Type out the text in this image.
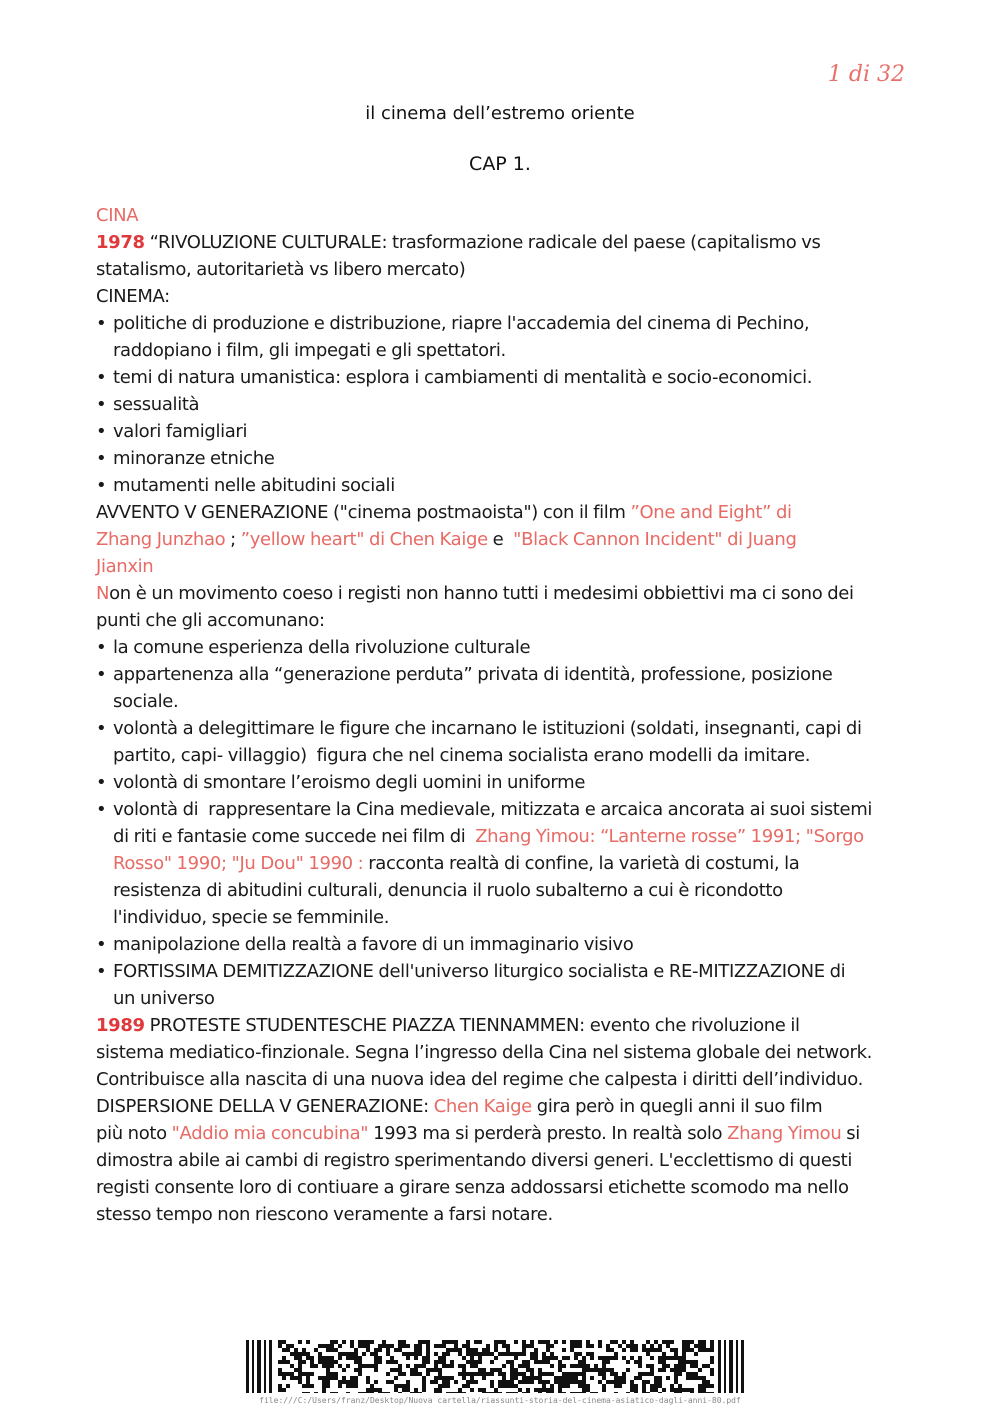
1 di 32
il cinema dell’estremo oriente
CAP 1.
CINA
1978 “RIVOLUZIONE CULTURALE: trasformazione radicale del paese (capitalismo vs
statalismo, autoritarietà vs libero mercato)
CINEMA:
• politiche di produzione e distribuzione, riapre l'accademia del cinema di Pechino,
raddopiano i film, gli impegati e gli spettatori.
• temi di natura umanistica: esplora i cambiamenti di mentalità e socio-economici.
• sessualità
• valori famigliari
• minoranze etniche
• mutamenti nelle abitudini sociali
AVVENTO V GENERAZIONE ("cinema postmaoista") con il film ”One and Eight” di
Zhang Junzhao ; ”yellow heart" di Chen Kaige e  "Black Cannon Incident" di Juang
Jianxin
Non è un movimento coeso i registi non hanno tutti i medesimi obbiettivi ma ci sono dei
punti che gli accomunano:
• la comune esperienza della rivoluzione culturale
• appartenenza alla “generazione perduta” privata di identità, professione, posizione
sociale.
• volontà a delegittimare le figure che incarnano le istituzioni (soldati, insegnanti, capi di
partito, capi- villaggio)  figura che nel cinema socialista erano modelli da imitare.
• volontà di smontare l’eroismo degli uomini in uniforme
• volontà di  rappresentare la Cina medievale, mitizzata e arcaica ancorata ai suoi sistemi
di riti e fantasie come succede nei film di  Zhang Yimou: “Lanterne rosse” 1991; "Sorgo
Rosso" 1990; "Ju Dou" 1990 : racconta realtà di confine, la varietà di costumi, la
resistenza di abitudini culturali, denuncia il ruolo subalterno a cui è ricondotto
l'individuo, specie se femminile.
• manipolazione della realtà a favore di un immaginario visivo
• FORTISSIMA DEMITIZZAZIONE dell'universo liturgico socialista e RE-MITIZZAZIONE di
un universo
1989 PROTESTE STUDENTESCHE PIAZZA TIENNAMMEN: evento che rivoluzione il
sistema mediatico-finzionale. Segna l’ingresso della Cina nel sistema globale dei network.
Contribuisce alla nascita di una nuova idea del regime che calpesta i diritti dell’individuo.
DISPERSIONE DELLA V GENERAZIONE: Chen Kaige gira però in quegli anni il suo film
più noto "Addio mia concubina" 1993 ma si perderà presto. In realtà solo Zhang Yimou si
dimostra abile ai cambi di registro sperimentando diversi generi. L'ecclettismo di questi
registi consente loro di contiuare a girare senza addossarsi etichette scomodo ma nello
stesso tempo non riescono veramente a farsi notare.
file:///C:/Users/franz/Desktop/Nuova cartella/riassunti-storia-del-cinema-asiatico-dagli-anni-80.pdf
